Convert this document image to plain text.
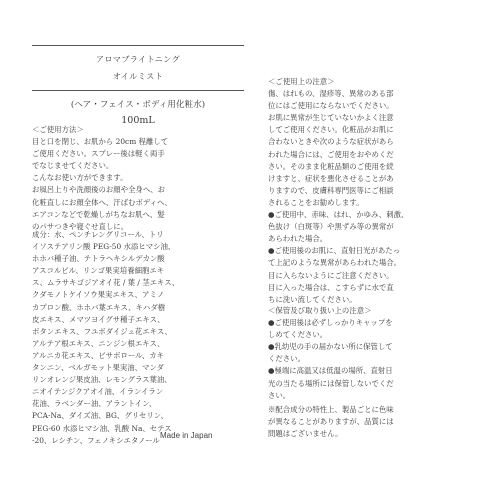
アロマブライトニング
オイルミスト
(ヘア・フェイス・ボディ用化粧水)
100mL
＜ご使用方法＞
目と口を閉じ、お肌から 20cm 程離して
ご使用ください。スプレー後は軽く両手
でなじませてください。
こんなお使い方ができます。
お風呂上りや洗顔後のお顔や全身へ、お
化粧直しにお顔全体へ、汗ばむボディへ、
エアコンなどで乾燥しがちなお肌へ、髪
のパサつきや寝ぐせ直しに。
成分：水、ペンチレングリコール、トリ
イソステアリン酸 PEG-50 水添ヒマシ油、
ホホバ種子油、テトラヘキシルデカン酸
アスコルビル、リンゴ果実培養細胞エキ
ス、ムラサキゴジアオイ花 / 葉 / 茎エキス、
クダモノトケイソウ果実エキス、アミノ
カプロン酸、ホホバ葉エキス、キハダ樹
皮エキス、メマツヨイグサ種子エキス、
ボタンエキス、フユボダイジュ花エキス、
アルテア根エキス、ニンジン根エキス、
アルニカ花エキス、ビサボロール、カキ
タンニン、ベルガモット果実油、マンダ
リンオレンジ果皮油、レモングラス葉油、
ニオイテンジクアオイ油、イランイラン
花油、ラベンダー油、アラントイン、
PCA-Na、ダイズ油、BG、グリセリン、
PEG-60 水添ヒマシ油、乳酸 Na、セテス
-20、レシチン、フェノキシエタノール
Made in Japan
＜ご使用上の注意＞
傷、はれもの、湿疹等、異常のある部
位にはご使用にならないでください。
お肌に異常が生じていないかよく注意
してご使用ください。化粧品がお肌に
合わないときや次のような症状があら
われた場合には、ご使用をおやめくだ
さい。そのまま化粧品類のご使用を続
けますと、症状を悪化させることがあ
りますので、皮膚科専門医等にご相談
されることをお勧めします。
●ご使用中、赤味、はれ、かゆみ、刺激、
色抜け（白斑等）や黒ずみ等の異常が
あらわれた場合。
●ご使用後のお肌に、直射日光があたっ
て上記のような異常があらわれた場合。
目に入らないようにご注意ください。
目に入った場合は、こすらずに水で直
ちに洗い流してください。
＜保管及び取り扱い上の注意＞
●ご使用後は必ずしっかりキャップを
しめてください。
●乳幼児の手の届かない所に保管して
ください。
●極端に高温又は低温の場所、直射日
光の当たる場所には保管しないでくだ
さい。
※配合成分の特性上、製品ごとに色味
が異なることがありますが、品質には
問題はございません。
